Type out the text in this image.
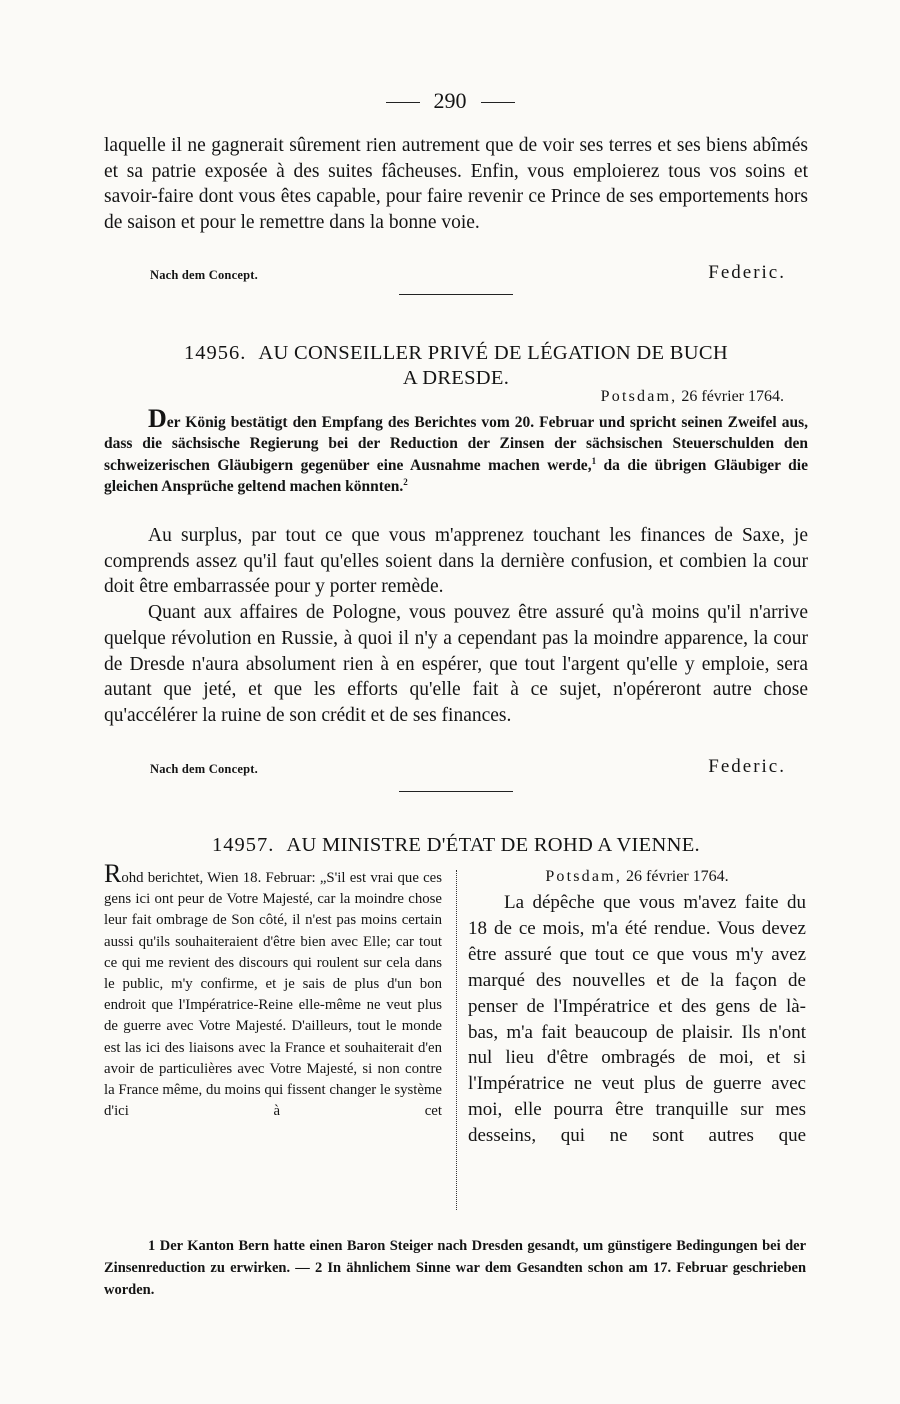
290

laquelle il ne gagnerait sûrement rien autrement que de voir ses terres et ses biens abîmés et sa patrie exposée à des suites fâcheuses. Enfin, vous emploierez tous vos soins et savoir-faire dont vous êtes capable, pour faire revenir ce Prince de ses emportements hors de saison et pour le remettre dans la bonne voie.

Nach dem Concept.	Federic.
14956. AU CONSEILLER PRIVÉ DE LÉGATION DE BUCH
A DRESDE.
Potsdam, 26 février 1764.

Der König bestätigt den Empfang des Berichtes vom 20. Februar und spricht seinen Zweifel aus, dass die sächsische Regierung bei der Reduction der Zinsen der sächsischen Steuerschulden den schweizerischen Gläubigern gegenüber eine Ausnahme machen werde,$^1$ da die übrigen Gläubiger die gleichen Ansprüche geltend machen könnten.$^2$

Au surplus, par tout ce que vous m'apprenez touchant les finances de Saxe, je comprends assez qu'il faut qu'elles soient dans la dernière confusion, et combien la cour doit être embarrassée pour y porter remède.

Quant aux affaires de Pologne, vous pouvez être assuré qu'à moins qu'il n'arrive quelque révolution en Russie, à quoi il n'y a cependant pas la moindre apparence, la cour de Dresde n'aura absolument rien à en espérer, que tout l'argent qu'elle y emploie, sera autant que jeté, et que les efforts qu'elle fait à ce sujet, n'opéreront autre chose qu'accélérer la ruine de son crédit et de ses finances.

Nach dem Concept.	Federic.
14957. AU MINISTRE D'ÉTAT DE ROHD A VIENNE.

Rohd berichtet, Wien 18. Februar: „S'il est vrai que ces gens ici ont peur de Votre Majesté, car la moindre chose leur fait ombrage de Son côté, il n'est pas moins certain aussi qu'ils souhaiteraient d'être bien avec Elle; car tout ce qui me revient des discours qui roulent sur cela dans le public, m'y confirme, et je sais de plus d'un bon endroit que l'Impératrice-Reine elle-même ne veut plus de guerre avec Votre Majesté. D'ailleurs, tout le monde est las ici des liaisons avec la France et souhaiterait d'en avoir de particulières avec Votre Majesté, si non contre la France même, du moins qui fissent changer le système d'ici à cet

Potsdam, 26 février 1764.

La dépêche que vous m'avez faite du 18 de ce mois, m'a été rendue. Vous devez être assuré que tout ce que vous m'y avez marqué des nouvelles et de la façon de penser de l'Impératrice et des gens de là-bas, m'a fait beaucoup de plaisir. Ils n'ont nul lieu d'être ombragés de moi, et si l'Impératrice ne veut plus de guerre avec moi, elle pourra être tranquille sur mes desseins, qui ne sont autres que

1 Der Kanton Bern hatte einen Baron Steiger nach Dresden gesandt, um günstigere Bedingungen bei der Zinsenreduction zu erwirken. — 2 In ähnlichem Sinne war dem Gesandten schon am 17. Februar geschrieben worden.
